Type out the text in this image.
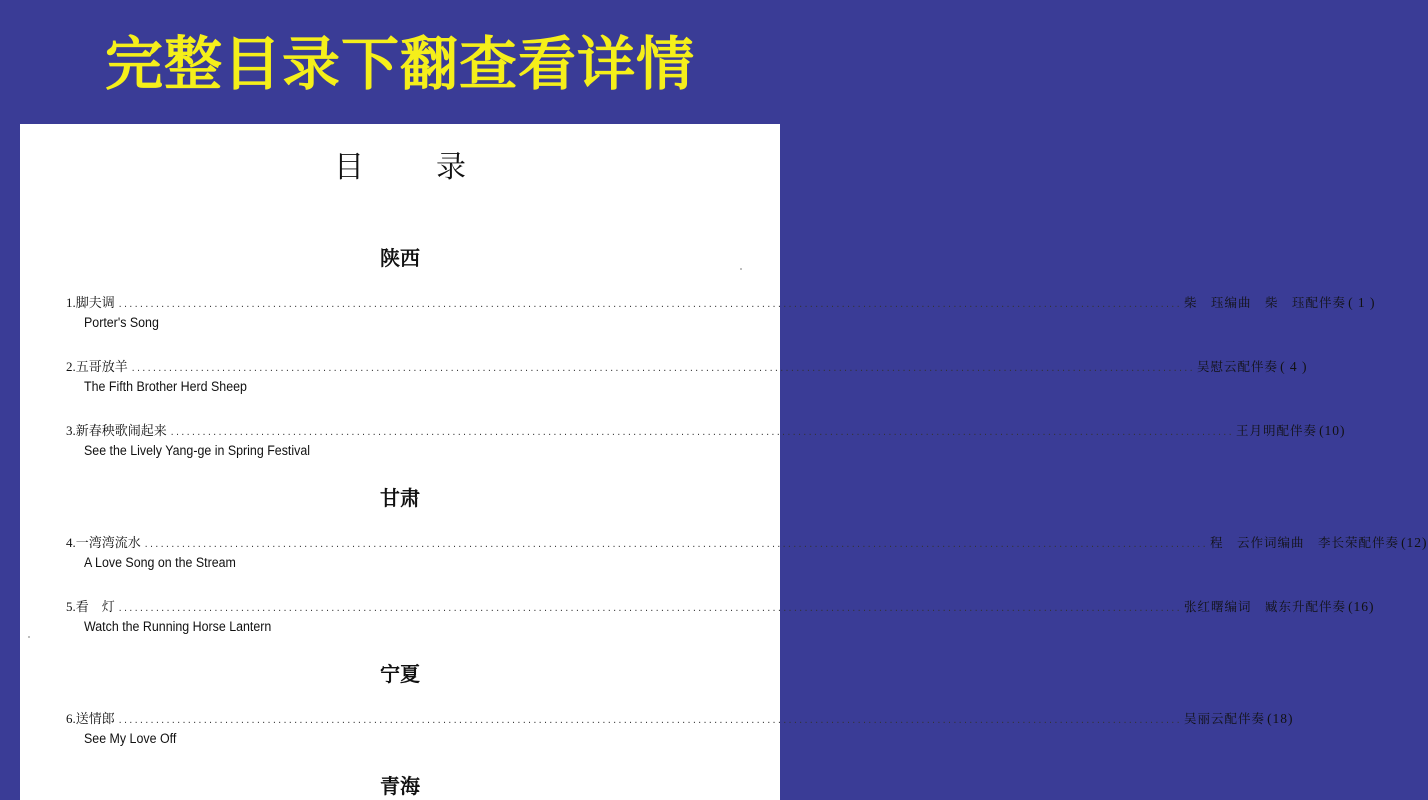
完整目录下翻查看详情
目 录
陕西
1. 脚夫调 ........................................................................................................................................................................................................ 柴　珏编曲　柴　珏配伴奏 ( 1 )
Porter's Song
2. 五哥放羊 ........................................................................................................................................................................................................ 吴慰云配伴奏 ( 4 )
The Fifth Brother Herd Sheep
3. 新春秧歌闹起来 ........................................................................................................................................................................................................ 王月明配伴奏 (10)
See the Lively Yang-ge in Spring Festival
甘肃
4. 一湾湾流水 ........................................................................................................................................................................................................ 程　云作词编曲　李长荣配伴奏 (12)
A Love Song on the Stream
5. 看　灯 ........................................................................................................................................................................................................ 张红曙编词　臧东升配伴奏 (16)
Watch the Running Horse Lantern
宁夏
6. 送情郎 ........................................................................................................................................................................................................ 吴丽云配伴奏 (18)
See My Love Off
青海
